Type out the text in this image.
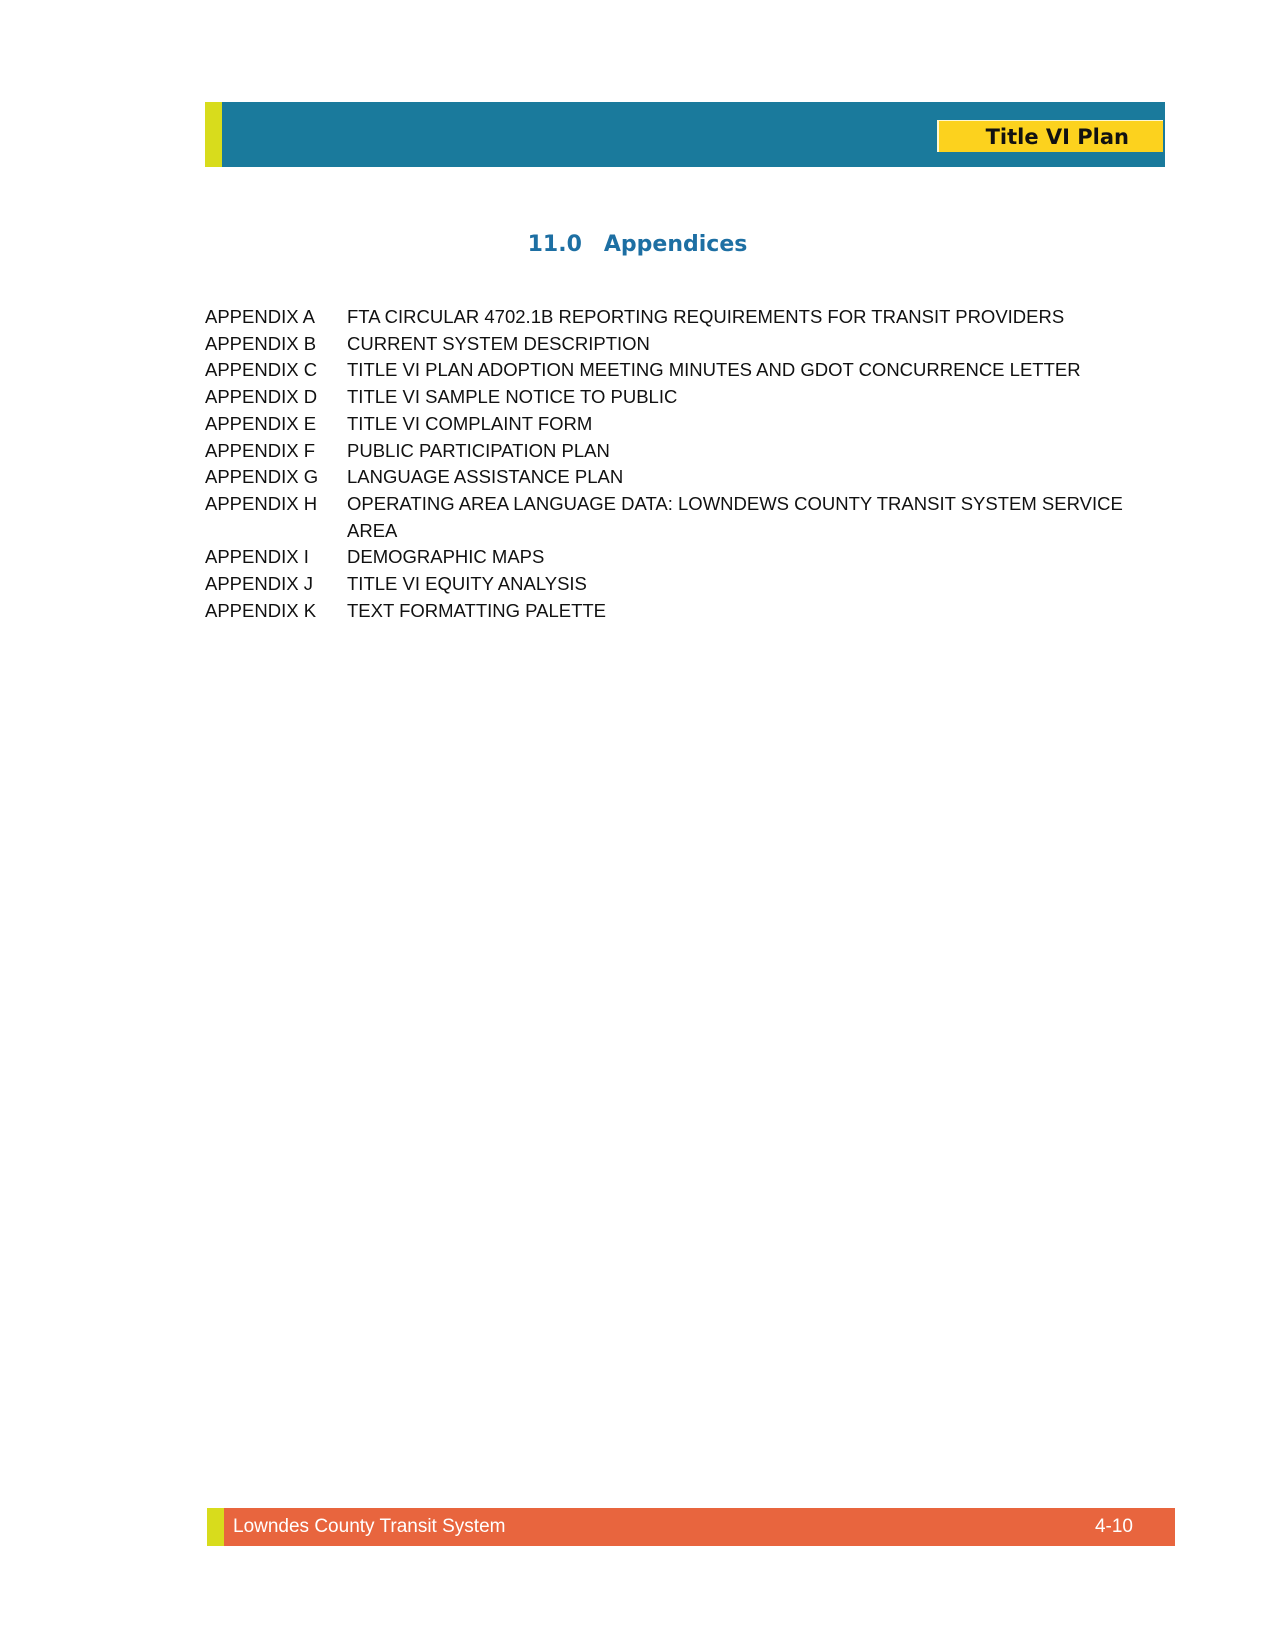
Title VI Plan
11.0 Appendices
APPENDIX A	FTA CIRCULAR 4702.1B REPORTING REQUIREMENTS FOR TRANSIT PROVIDERS
APPENDIX B	CURRENT SYSTEM DESCRIPTION
APPENDIX C	TITLE VI PLAN ADOPTION MEETING MINUTES AND GDOT CONCURRENCE LETTER
APPENDIX D	TITLE VI SAMPLE NOTICE TO PUBLIC
APPENDIX E	TITLE VI COMPLAINT FORM
APPENDIX F	PUBLIC PARTICIPATION PLAN
APPENDIX G	LANGUAGE ASSISTANCE PLAN
APPENDIX H	OPERATING AREA LANGUAGE DATA: LOWNDEWS COUNTY TRANSIT SYSTEM SERVICE AREA
APPENDIX I	DEMOGRAPHIC MAPS
APPENDIX J	TITLE VI EQUITY ANALYSIS
APPENDIX K	TEXT FORMATTING PALETTE
Lowndes County Transit System	4-10
